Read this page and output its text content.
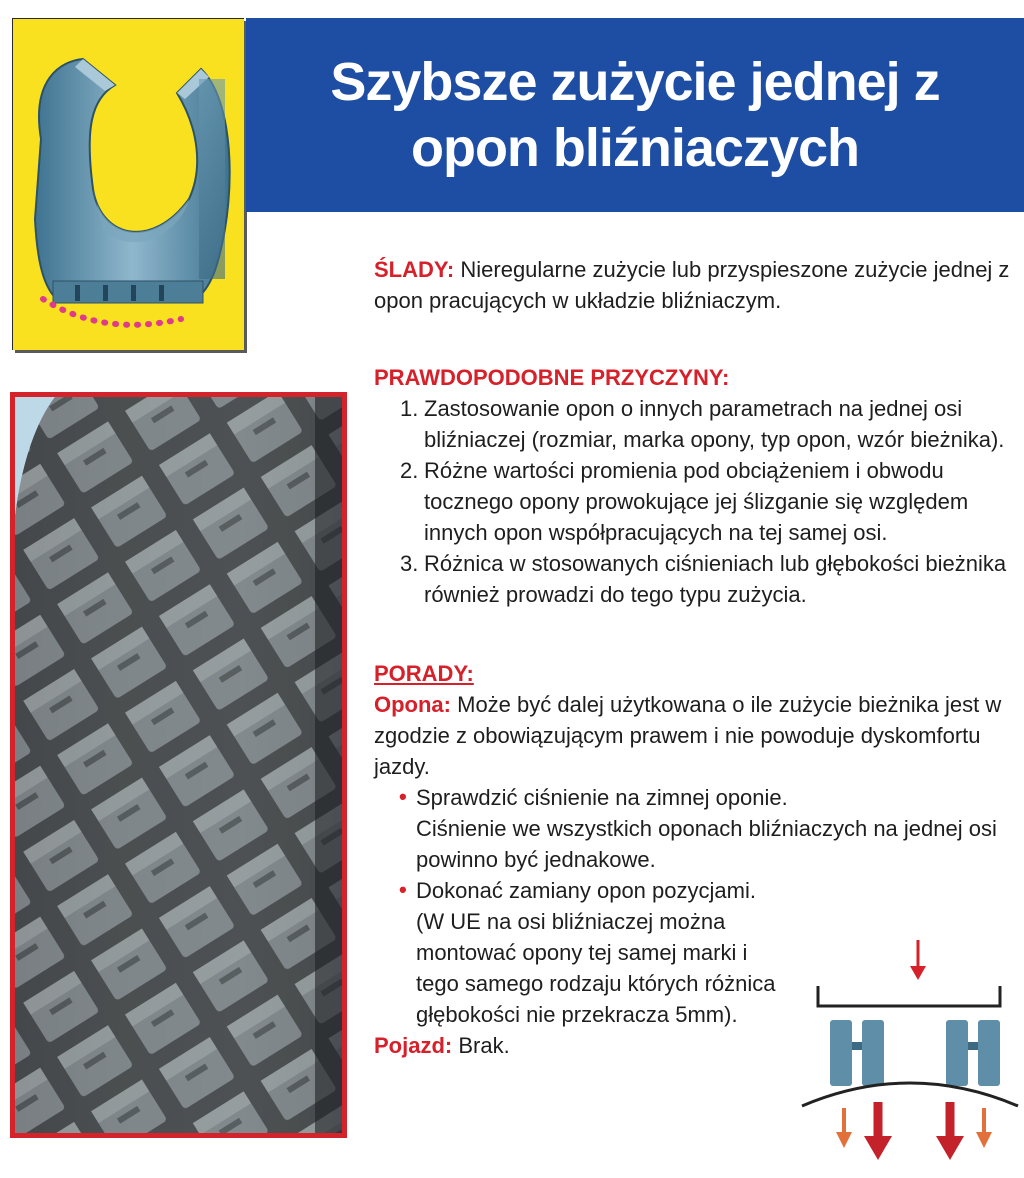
Szybsze zużycie jednej z opon bliźniaczych

ŚLADY: Nieregularne zużycie lub przyspieszone zużycie jednej z opon pracujących w układzie bliźniaczym.

PRAWDOPODOBNE PRZYCZYNY:

1. Zastosowanie opon o innych parametrach na jednej osi bliźniaczej (rozmiar, marka opony, typ opon, wzór bieżnika).
2. Różne wartości promienia pod obciążeniem i obwodu tocznego opony prowokujące jej ślizganie się względem innych opon współpracujących na tej samej osi.
3. Różnica w stosowanych ciśnieniach lub głębokości bieżnika również prowadzi do tego typu zużycia.

PORADY:

Opona: Może być dalej użytkowana o ile zużycie bieżnika jest w zgodzie z obowiązującym prawem i nie powoduje dyskomfortu jazdy.

• Sprawdzić ciśnienie na zimnej oponie.
Ciśnienie we wszystkich oponach bliźniaczych na jednej osi powinno być jednakowe.
• Dokonać zamiany opon pozycjami.
(W UE na osi bliźniaczej można montować opony tej samej marki i tego samego rodzaju których różnica głębokości nie przekracza 5mm).

Pojazd: Brak.
